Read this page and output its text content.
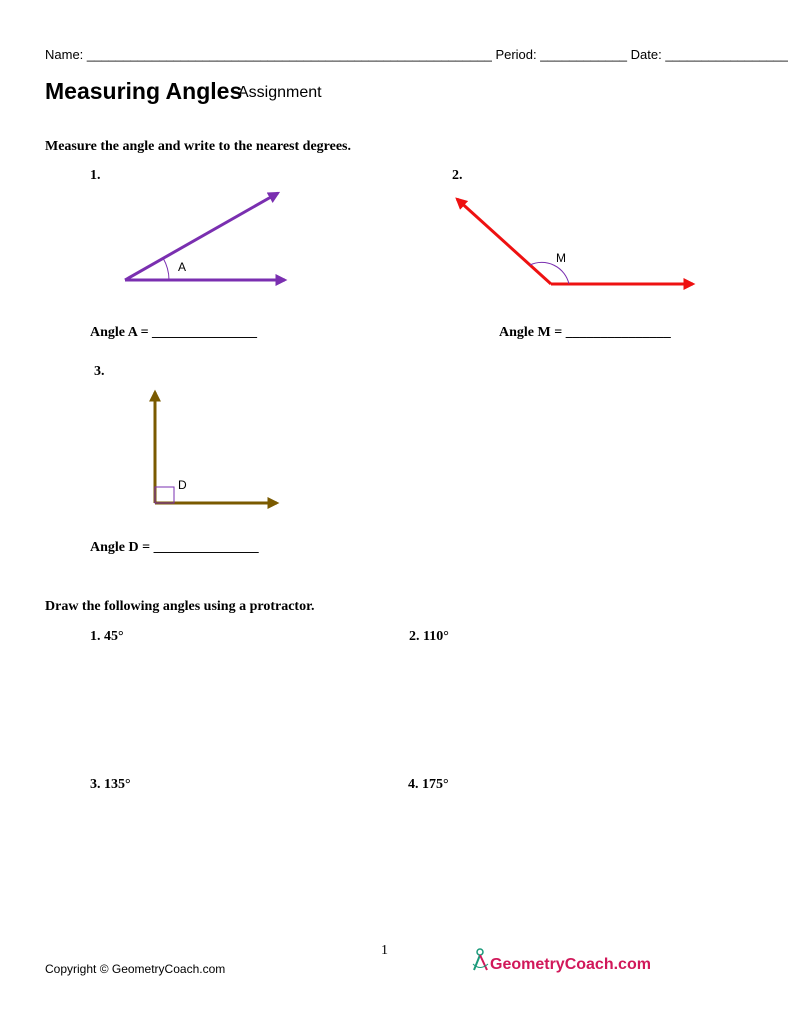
Name: ________________________________________________________ Period: ____________ Date: _________________
Measuring Angles
Assignment
Measure the angle and write to the nearest degrees.
1.
A
Angle A = _______________
2.
M
Angle M = _______________
3.
D
Angle D = _______________
Draw the following angles using a protractor.
1. 45°	2. 110°
3. 135°	4. 175°
1
Copyright © GeometryCoach.com	GeometryCoach.com
